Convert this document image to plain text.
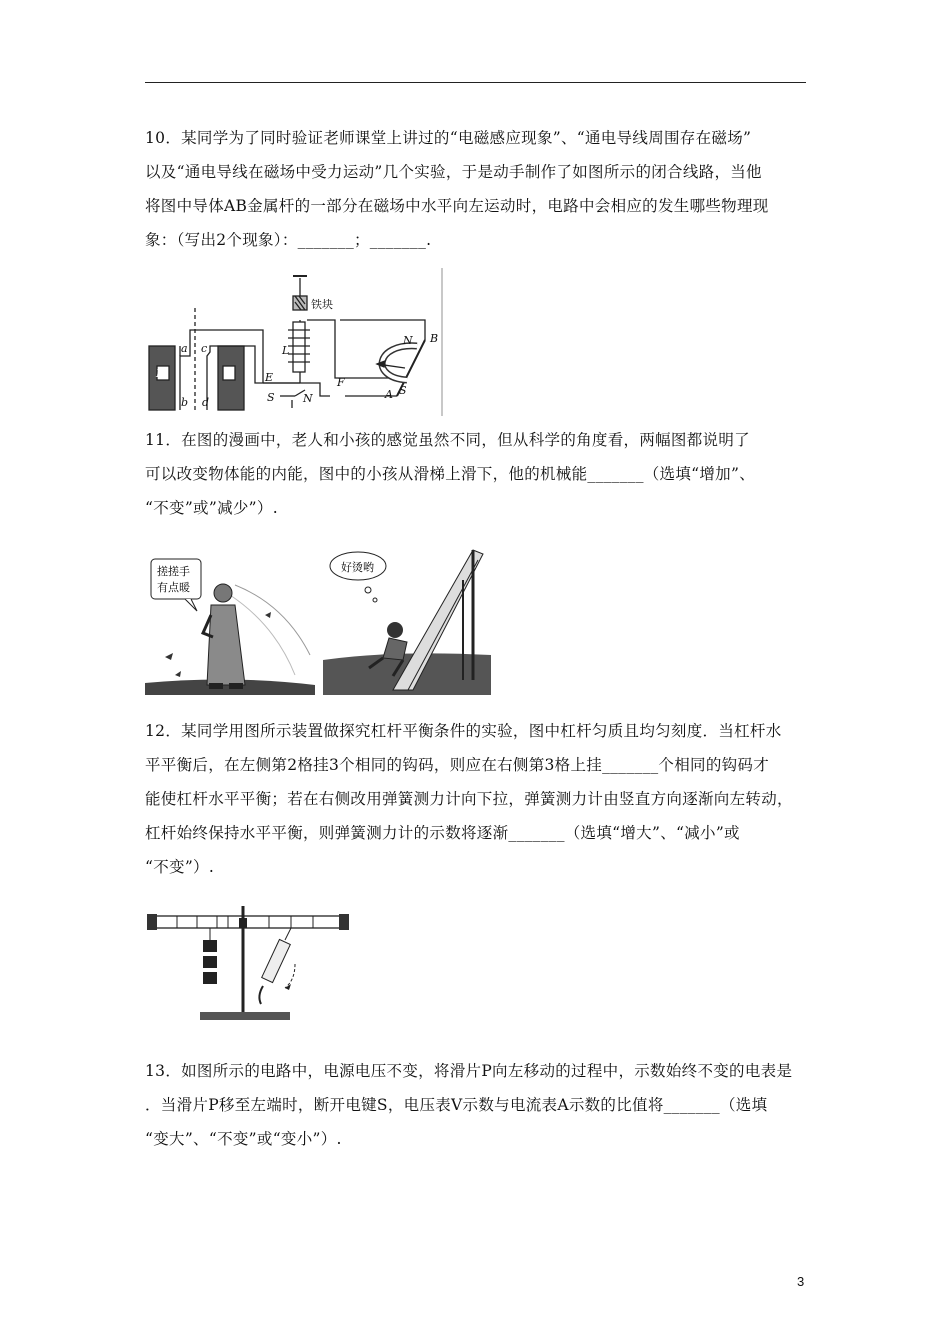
10．某同学为了同时验证老师课堂上讲过的“电磁感应现象”、“通电导线周围存在磁场”
以及“通电导线在磁场中受力运动”几个实验，于是动手制作了如图所示的闭合线路，当他
将图中导体AB金属杆的一部分在磁场中水平向左运动时，电路中会相应的发生哪些物理现
象：（写出2个现象）：_______；_______.
铁块
N	S
a
b
c
d
L
E	F
A
B
N
S
S	N
11．在图的漫画中，老人和小孩的感觉虽然不同，但从科学的角度看，两幅图都说明了
可以改变物体能的内能，图中的小孩从滑梯上滑下，他的机械能_______（选填“增加”、
“不变”或”减少”）.
搓搓手
有点暖
好烫哟
12．某同学用图所示装置做探究杠杆平衡条件的实验，图中杠杆匀质且均匀刻度．当杠杆水
平平衡后，在左侧第2格挂3个相同的钩码，则应在右侧第3格上挂_______个相同的钩码才
能使杠杆水平平衡；若在右侧改用弹簧测力计向下拉，弹簧测力计由竖直方向逐渐向左转动，
杠杆始终保持水平平衡，则弹簧测力计的示数将逐渐_______（选填“增大”、“减小”或
“不变”）.
13．如图所示的电路中，电源电压不变，将滑片P向左移动的过程中，示数始终不变的电表是
．当滑片P移至左端时，断开电键S，电压表V示数与电流表A示数的比值将_______（选填
“变大”、“不变”或“变小”）.
3
